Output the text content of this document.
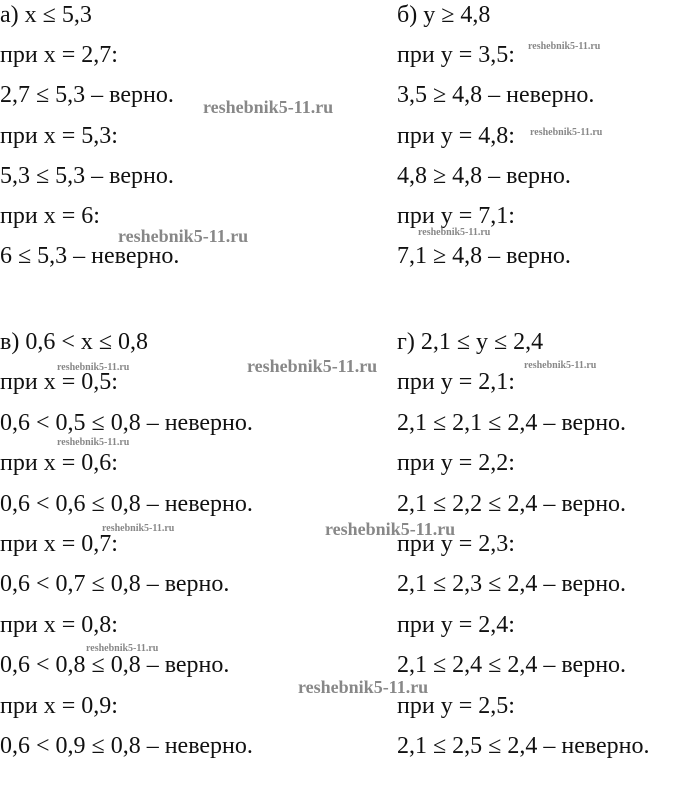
а) x ≤ 5,3
при x = 2,7:
2,7 ≤ 5,3 – верно.
при x = 5,3:
5,3 ≤ 5,3 – верно.
при x = 6:
6 ≤ 5,3 – неверно.
б) y ≥ 4,8
при y = 3,5:
3,5 ≥ 4,8 – неверно.
при y = 4,8:
4,8 ≥ 4,8 – верно.
при y = 7,1:
7,1 ≥ 4,8 – верно.
в) 0,6 < x ≤ 0,8
при x = 0,5:
0,6 < 0,5 ≤ 0,8 – неверно.
при x = 0,6:
0,6 < 0,6 ≤ 0,8 – неверно.
при x = 0,7:
0,6 < 0,7 ≤ 0,8 – верно.
при x = 0,8:
0,6 < 0,8 ≤ 0,8 – верно.
при x = 0,9:
0,6 < 0,9 ≤ 0,8 – неверно.
г) 2,1 ≤ y ≤ 2,4
при y = 2,1:
2,1 ≤ 2,1 ≤ 2,4 – верно.
при y = 2,2:
2,1 ≤ 2,2 ≤ 2,4 – верно.
при y = 2,3:
2,1 ≤ 2,3 ≤ 2,4 – верно.
при y = 2,4:
2,1 ≤ 2,4 ≤ 2,4 – верно.
при y = 2,5:
2,1 ≤ 2,5 ≤ 2,4 – неверно.
reshebnik5-11.ru
reshebnik5-11.ru
reshebnik5-11.ru
reshebnik5-11.ru
reshebnik5-11.ru
reshebnik5-11.ru
reshebnik5-11.ru
reshebnik5-11.ru
reshebnik5-11.ru
reshebnik5-11.ru
reshebnik5-11.ru
reshebnik5-11.ru
reshebnik5-11.ru
